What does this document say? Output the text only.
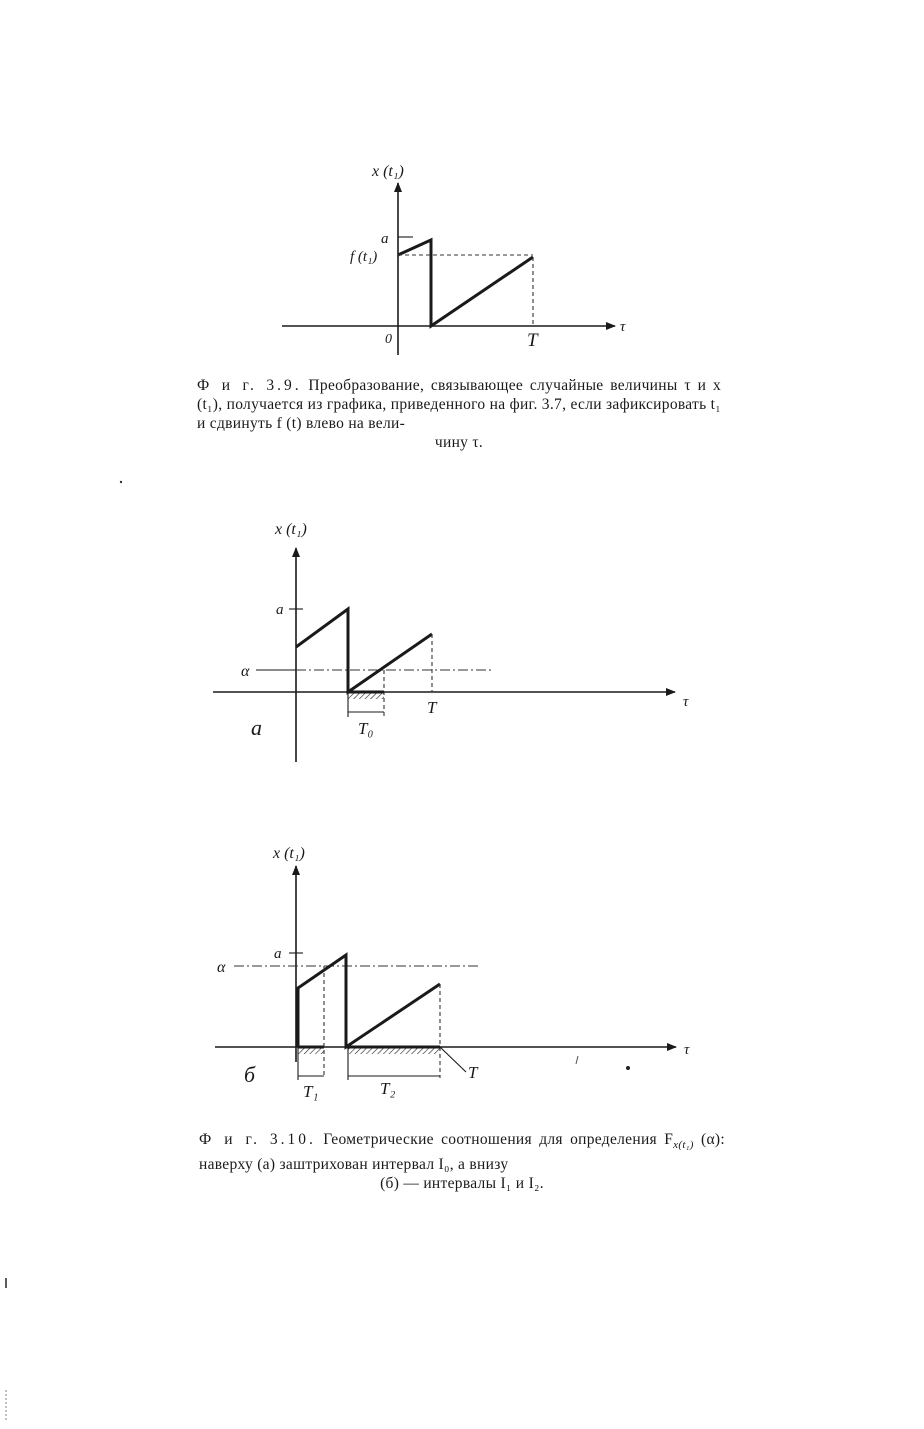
x (t₁)
a
f (t₁)
0	T
τ
x (t₁)
a
α
T	τ
T₀
a
x (t₁)
a
α
T
τ
T₁	T₂
б
Ф и г. 3.9. Преобразование, связывающее случайные величины τ и x (t₁), получается из графика, приведенного на фиг. 3.7, если зафиксировать t₁ и сдвинуть f (t) влево на вели-
чину τ.
Ф и г. 3.10. Геометрические соотношения для определения $F_{x(t_1)}$ (α): наверху (a) заштрихован интервал I₀, а внизу
(б) — интервалы I₁ и I₂.
